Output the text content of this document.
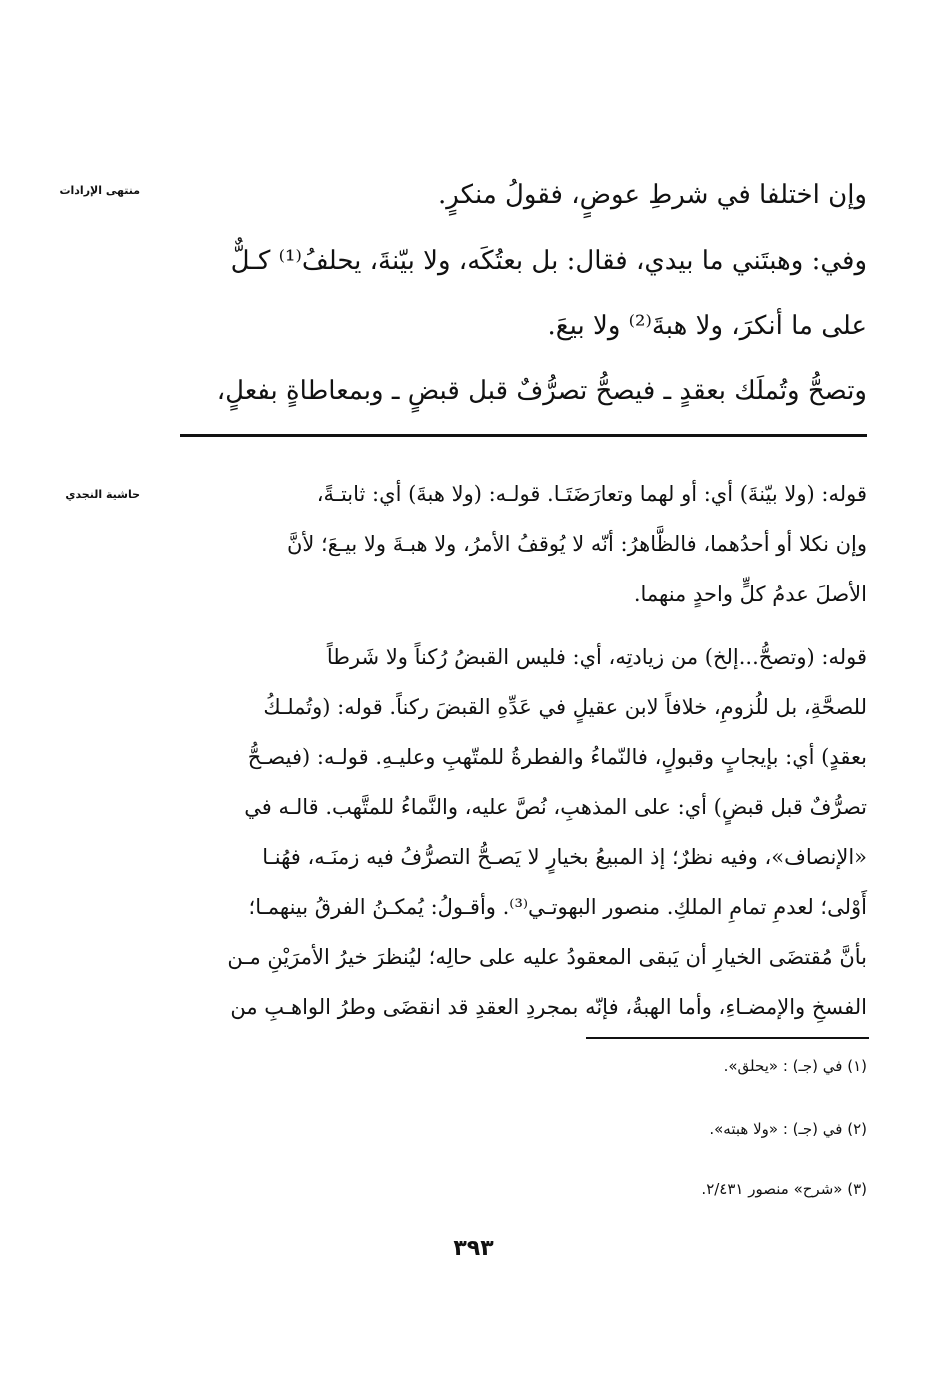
منتهى الإرادات
حاشية النجدي
وإن اختلفا في شرطِ عوضٍ، فقولُ منكرٍ.
وفي: وهبتَني ما بيدي، فقال: بل بعتُكَه، ولا بيّنةَ، يحلفُ⁽¹⁾ كـلٌّ
على ما أنكرَ، ولا هبةَ⁽²⁾ ولا بيعَ.
وتصحُّ وتُملَك بعقدٍ ـ فيصحُّ تصرُّفٌ قبل قبضٍ ـ وبمعاطاةٍ بفعلٍ،
قوله: (ولا بيّنةَ) أي: أو لهما وتعارَضَتَـا. قولـه: (ولا هبةَ) أي: ثابتـةً،
وإن نكلا أو أحدُهما، فالظَّاهرُ: أنّه لا يُوقفُ الأمرُ، ولا هبـةَ ولا بيـعَ؛ لأنَّ
الأصلَ عدمُ كلٍّ واحدٍ منهما.
قوله: (وتصحُّ...إلخ) من زيادتِه، أي: فليس القبضُ رُكناً ولا شَرطاً
للصحَّةِ، بل للُزومِ، خلافاً لابن عقيلٍ في عَدِّهِ القبضَ ركناً. قوله: (وتُملـكُ
بعقدٍ) أي: بإيجابٍ وقبولٍ، فالنّماءُ والفطرةُ للمتّهبِ وعليـهِ. قولـه: (فيصـحُّ
تصرُّفٌ قبل قبضٍ) أي: على المذهبِ، نُصَّ عليه، والنَّماءُ للمتَّهب. قالـه في
«الإنصاف»، وفيه نظرٌ؛ إذ المبيعُ بخيارٍ لا يَصـحُّ التصرُّفُ فيه زمنَـه، فهُنـا
أَوْلى؛ لعدمِ تمامِ الملكِ. منصور البهوتـي⁽³⁾. وأقـولُ: يُمكـنُ الفرقُ بينهمـا؛
بأنَّ مُقتضَى الخيارِ أن يَبقى المعقودُ عليه على حالِه؛ ليُنظرَ خيرُ الأمرَيْنِ مـن
الفسخِ والإمضـاءِ، وأما الهبةُ، فإنّه بمجردِ العقدِ قد انقضَى وطرُ الواهـبِ من
(١) في (جـ) : «يحلق».
(٢) في (جـ) : «ولا هبته».
(٣) «شرح» منصور ٢/٤٣١.
٣٩٣
